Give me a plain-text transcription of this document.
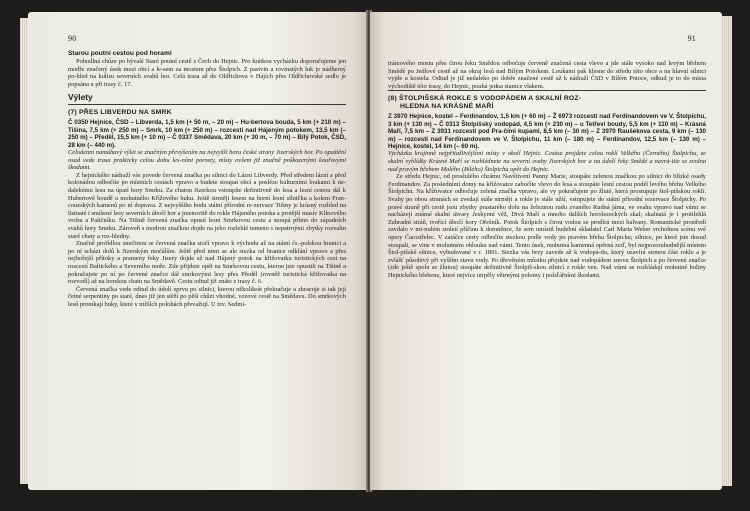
90
Starou poutní cestou pod horami

Pohodlná chůze po bývalé Staré poutní cestě z Čech do Hejnic. Pro krátkou vycházku doporučujeme jen modře značený úsek mezi obcí a le-sem za mostem přes Štolpich. Z pastvin a rovinatých luk je nádherný po-hled na kulisu severních svahů hor. Celá trasa až do Oldřichova v Hájích přes Oldřichovské sedlo je popsána u při trasy č. 17.

Výlety
(7) PŘES LIBVERDU NA SMRK

Č 0350 Hejnice, ČSD – Libverda, 1,5 km (+ 50 m, – 20 m) – Hu-bertova bouda, 5 km (+ 210 m) – Tišina, 7,5 km (+ 250 m) – Smrk, 10 km (+ 250 m) – rozcestí nad Hájeným potokem, 13,5 km (– 250 m) – Předěl, 15,5 km (+ 10 m) – Č 0337 Smědava, 20 km (+ 30 m, – 70 m) – Bílý Potok, ČSD, 28 km (– 440 m).

Celodenní namáhavý výlet se značným převýšením na nejvyšší horu české strany Jizerských hor. Po opuštění osad vede trasa prakticky celou dobu les-ními porosty, místy ovšem již značně poškozenými kouřovými škodami.

Z hejnického nádraží vás povede červená značka po silnici do Lázní Libverdy. Před středem lázní a před kolonádou odbočíte po místních cestách vpravo a budete stoupat obcí a posléze kulturními loukami k ne-dalekému lesu na úpatí hory Smrku. Za chatou Jizerkou vstoupíte definitivně do lesa a lesní cestou dál k Hubertově boudě u mohutného Křížového buku. Ještě strměji lesem na horní lesní silničku a kolem Fran-couzských kamenů po ní doprava. Z nejvyššího bodu státní přírodní re-zervace Tišiny je krásný rozhled na listnaté i smíšené lesy severních úbočí hor a jmenovitě do rokle Hájeného potoka a protější masív Klínového vrchu a Paličníku. Na Tišině červená značka opustí lesní Smrkovou cestu a stoupá přímo do západních svahů hory Smrku. Zároveň s modrou značkou dojde na jeho rozlehlé temeno s nepatrnými zbytky rozvalin staré chaty a roz-hledny.

Značně prořídlou smrčinou se červená značka stočí vpravo k východu až na státní čs.-polskou hranici a po ní scházi dolů k Jizerským močálům. Ještě před nimi se ale stezka od hranice odklání vpravo a přes nejhořejší přítoky a prameny řeky Jizery dojde až nad Hájený potok na křižovatku turistických cest na rozcestí Baltického a Severního moře. Zde přijdete opět na Smrkovou cestu, kterou jste opustili na Tišině a pokračujete po ní po červené značce dál smrkovými lesy přes Předěl (rovněž turistická křižovatka na rozvodí) až na horskou chatu na Smědavě. Cestu odtud již znáte z trasy č. 6.

Červená značka vede odtud do údolí zprvu po silnici, kterou několikrát překračuje a zkracuje si tak její četné serpentiny po staré, dnes již jen stěží po pěší chůzi vhodné, vozové cestě na Smědavu. Do smrkových lesů pronikají buky, které v nižších polohách převažují. U tzv. Sedmi-

91

trámového mostu přes čirou řeku Smědou odbočuje červeně značená cesta vlevo a jde stále vysoko nad levým břehem Smědé po Jedlové cestě až na okraj lesů nad Bílým Potokem. Loukami pak klesne do středu této obce a na hlavní silnici vyjde u kostela. Odtud je již nedaleko po dobře značené cestě až k nádraží ČSD v Bílém Potoce, odkud je to do místa východiště této trasy, do Hejnic, pouhá jedna stanice vlakem.

(8) ŠTOLPIŠSKÁ ROKLE S VODOPÁDEM A SKALNÍ ROZ-
HLEDNA NA KRÁSNÉ MAŘÍ

Z 3970 Hejnice, kostel – Ferdinandov, 1,5 km (+ 60 m) – Ž 6973 rozcestí nad Ferdinandovem ve V. Štolpichu, 3 km (+ 130 m) – Č 0313 Štolpišský vodopád, 4,5 km (+ 230 m) – u Tetřeví boudy, 5,5 km (+ 110 m) – Krásná Maří, 7,5 km – Z 3931 rozcestí pod Pra-čími kupami, 8,5 km (– 30 m) – Z 3970 Raušekova cesta, 9 km (– 130 m) – rozcestí nad Ferdinandovem ve V. Štolpichu, 11 km (– 180 m) – Ferdinandov, 12,5 km (– 130 m) – Hejnice, kostel, 14 km (– 60 m).

Vycházka krajinně nejpřitažlivějšími místy v okolí Hejnic. Cestou projdete celou roklí Velkého (Černého) Štolpichu, ze skalní vyhlídky Krásné Maří se rozhlédnete na severní svahy Jizerských hor a na údolí řeky Smědé a navrá-tite se zvolna nad pravým břehem Malého (Bílého) Štolpichu opět do Hejnic.

Ze středu Hejnic, od proslulého chrámu Navštívení Panny Marie, stoupáte zelenou značkou po silnici do blízké osady Ferdinandov. Za posledními domy na křižovatce zabočíte vlevo do lesa a stoupáte lesní cestou podél levého břehu Velkého Štolpichu. Na křižovatce odbočuje zelená značka vpravo, ale vy pokračujete po žluté, která prostupuje štol-pišskou roklí. Svahy po obou stranách se zvedají stále strměji a rokle je stále užší, vstupujete do státní přírodní rezervace Štolpichy. Po pravé straně při cestě jsou zbytky prastarého dolu na železnou rudu zvaného Rudná jáma, ve svahu vpravo nad vámi se nacházejí známé skalní útvary Jeskynní věž, Divá Maří a mnoho dalších horolezeckých skal; skalnatá je i protilehlá Zahradní stráň, tvořící úbočí hory Ořešník. Potok Štolpich s čirou vodou se prodírá mezi balvany. Romantické prostředí zavdalo v mi-nulém století příčinu k domněnce, že sem umístil hudební skladatel Carl Maria Weber vrcholnou scénu své opery Čarostřelec. V zatáčce cesty odbočíte stezkou podle vody po pravém břehu Štolpichu; silnice, po které jste dosud stoupali, se vine v mohutném oblouku nad vámi. Tento úsek, mohutná kamenná opěrná zeď, byl nejpozoruhodnější místem Štol-pišské silnice, vybudované v r. 1891. Stezka vás brzy zavede až k vodopá-du, který uzavírá strmou část rokle a je zvlášť působivý při vyšším stavu vody. Po dřevěném můstku přejdete nad vodopádem znovu Štolpich a po červené značce (zde ještě spolu se žlutou) stoupáte definitivně Štolpiš-skou silnicí z rokle ven. Nad vámi se rozkládají mohutné holiny Hejnického hřebene, které nejvíce utrpěly větrnými polomy i požďářními škodami.
